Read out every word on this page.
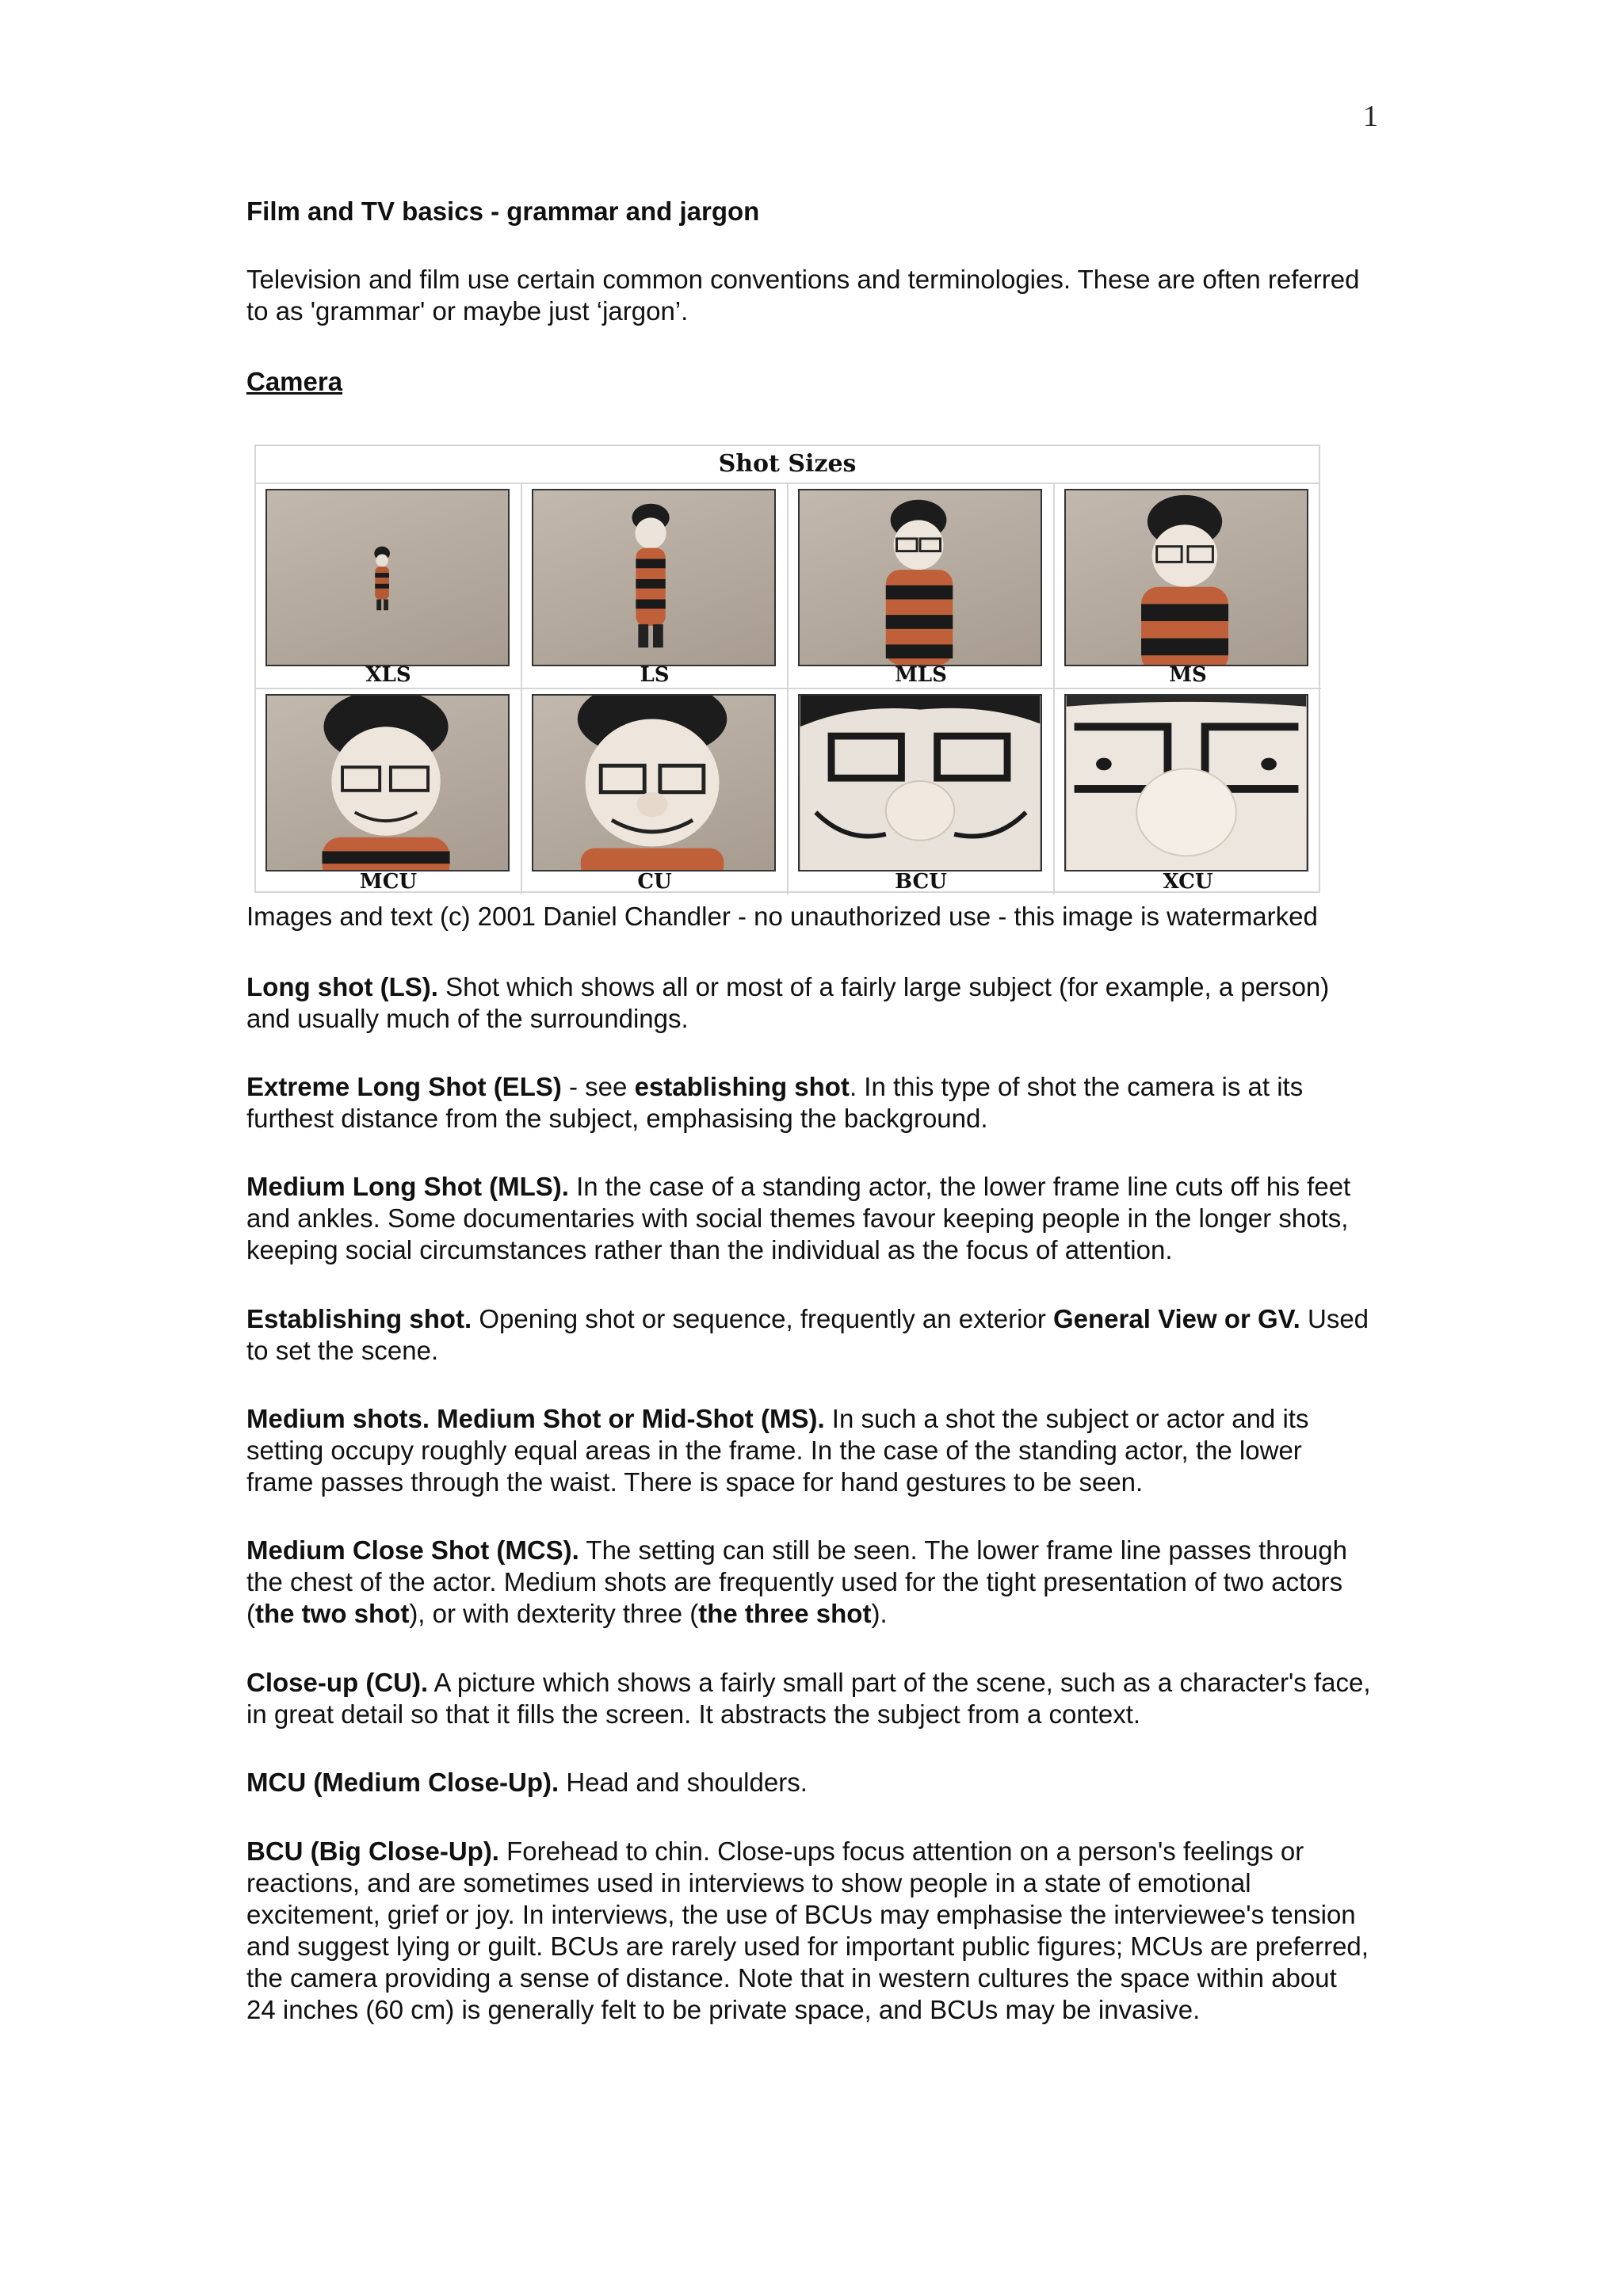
1
Film and TV basics - grammar and jargon

Television and film use certain common conventions and terminologies. These are often referred to as 'grammar' or maybe just ‘jargon’.

Camera
Shot Sizes
XLS	LS	MLS	MS
MCU	CU	BCU	XCU

Images and text (c) 2001 Daniel Chandler - no unauthorized use - this image is watermarked

Long shot (LS). Shot which shows all or most of a fairly large subject (for example, a person) and usually much of the surroundings.

Extreme Long Shot (ELS) - see establishing shot. In this type of shot the camera is at its furthest distance from the subject, emphasising the background.

Medium Long Shot (MLS). In the case of a standing actor, the lower frame line cuts off his feet and ankles. Some documentaries with social themes favour keeping people in the longer shots, keeping social circumstances rather than the individual as the focus of attention.

Establishing shot. Opening shot or sequence, frequently an exterior General View or GV. Used to set the scene.

Medium shots. Medium Shot or Mid-Shot (MS). In such a shot the subject or actor and its setting occupy roughly equal areas in the frame. In the case of the standing actor, the lower frame passes through the waist. There is space for hand gestures to be seen.

Medium Close Shot (MCS). The setting can still be seen. The lower frame line passes through the chest of the actor. Medium shots are frequently used for the tight presentation of two actors (the two shot), or with dexterity three (the three shot).

Close-up (CU). A picture which shows a fairly small part of the scene, such as a character's face, in great detail so that it fills the screen. It abstracts the subject from a context.

MCU (Medium Close-Up). Head and shoulders.

BCU (Big Close-Up). Forehead to chin. Close-ups focus attention on a person's feelings or reactions, and are sometimes used in interviews to show people in a state of emotional excitement, grief or joy. In interviews, the use of BCUs may emphasise the interviewee's tension and suggest lying or guilt. BCUs are rarely used for important public figures; MCUs are preferred, the camera providing a sense of distance. Note that in western cultures the space within about 24 inches (60 cm) is generally felt to be private space, and BCUs may be invasive.
